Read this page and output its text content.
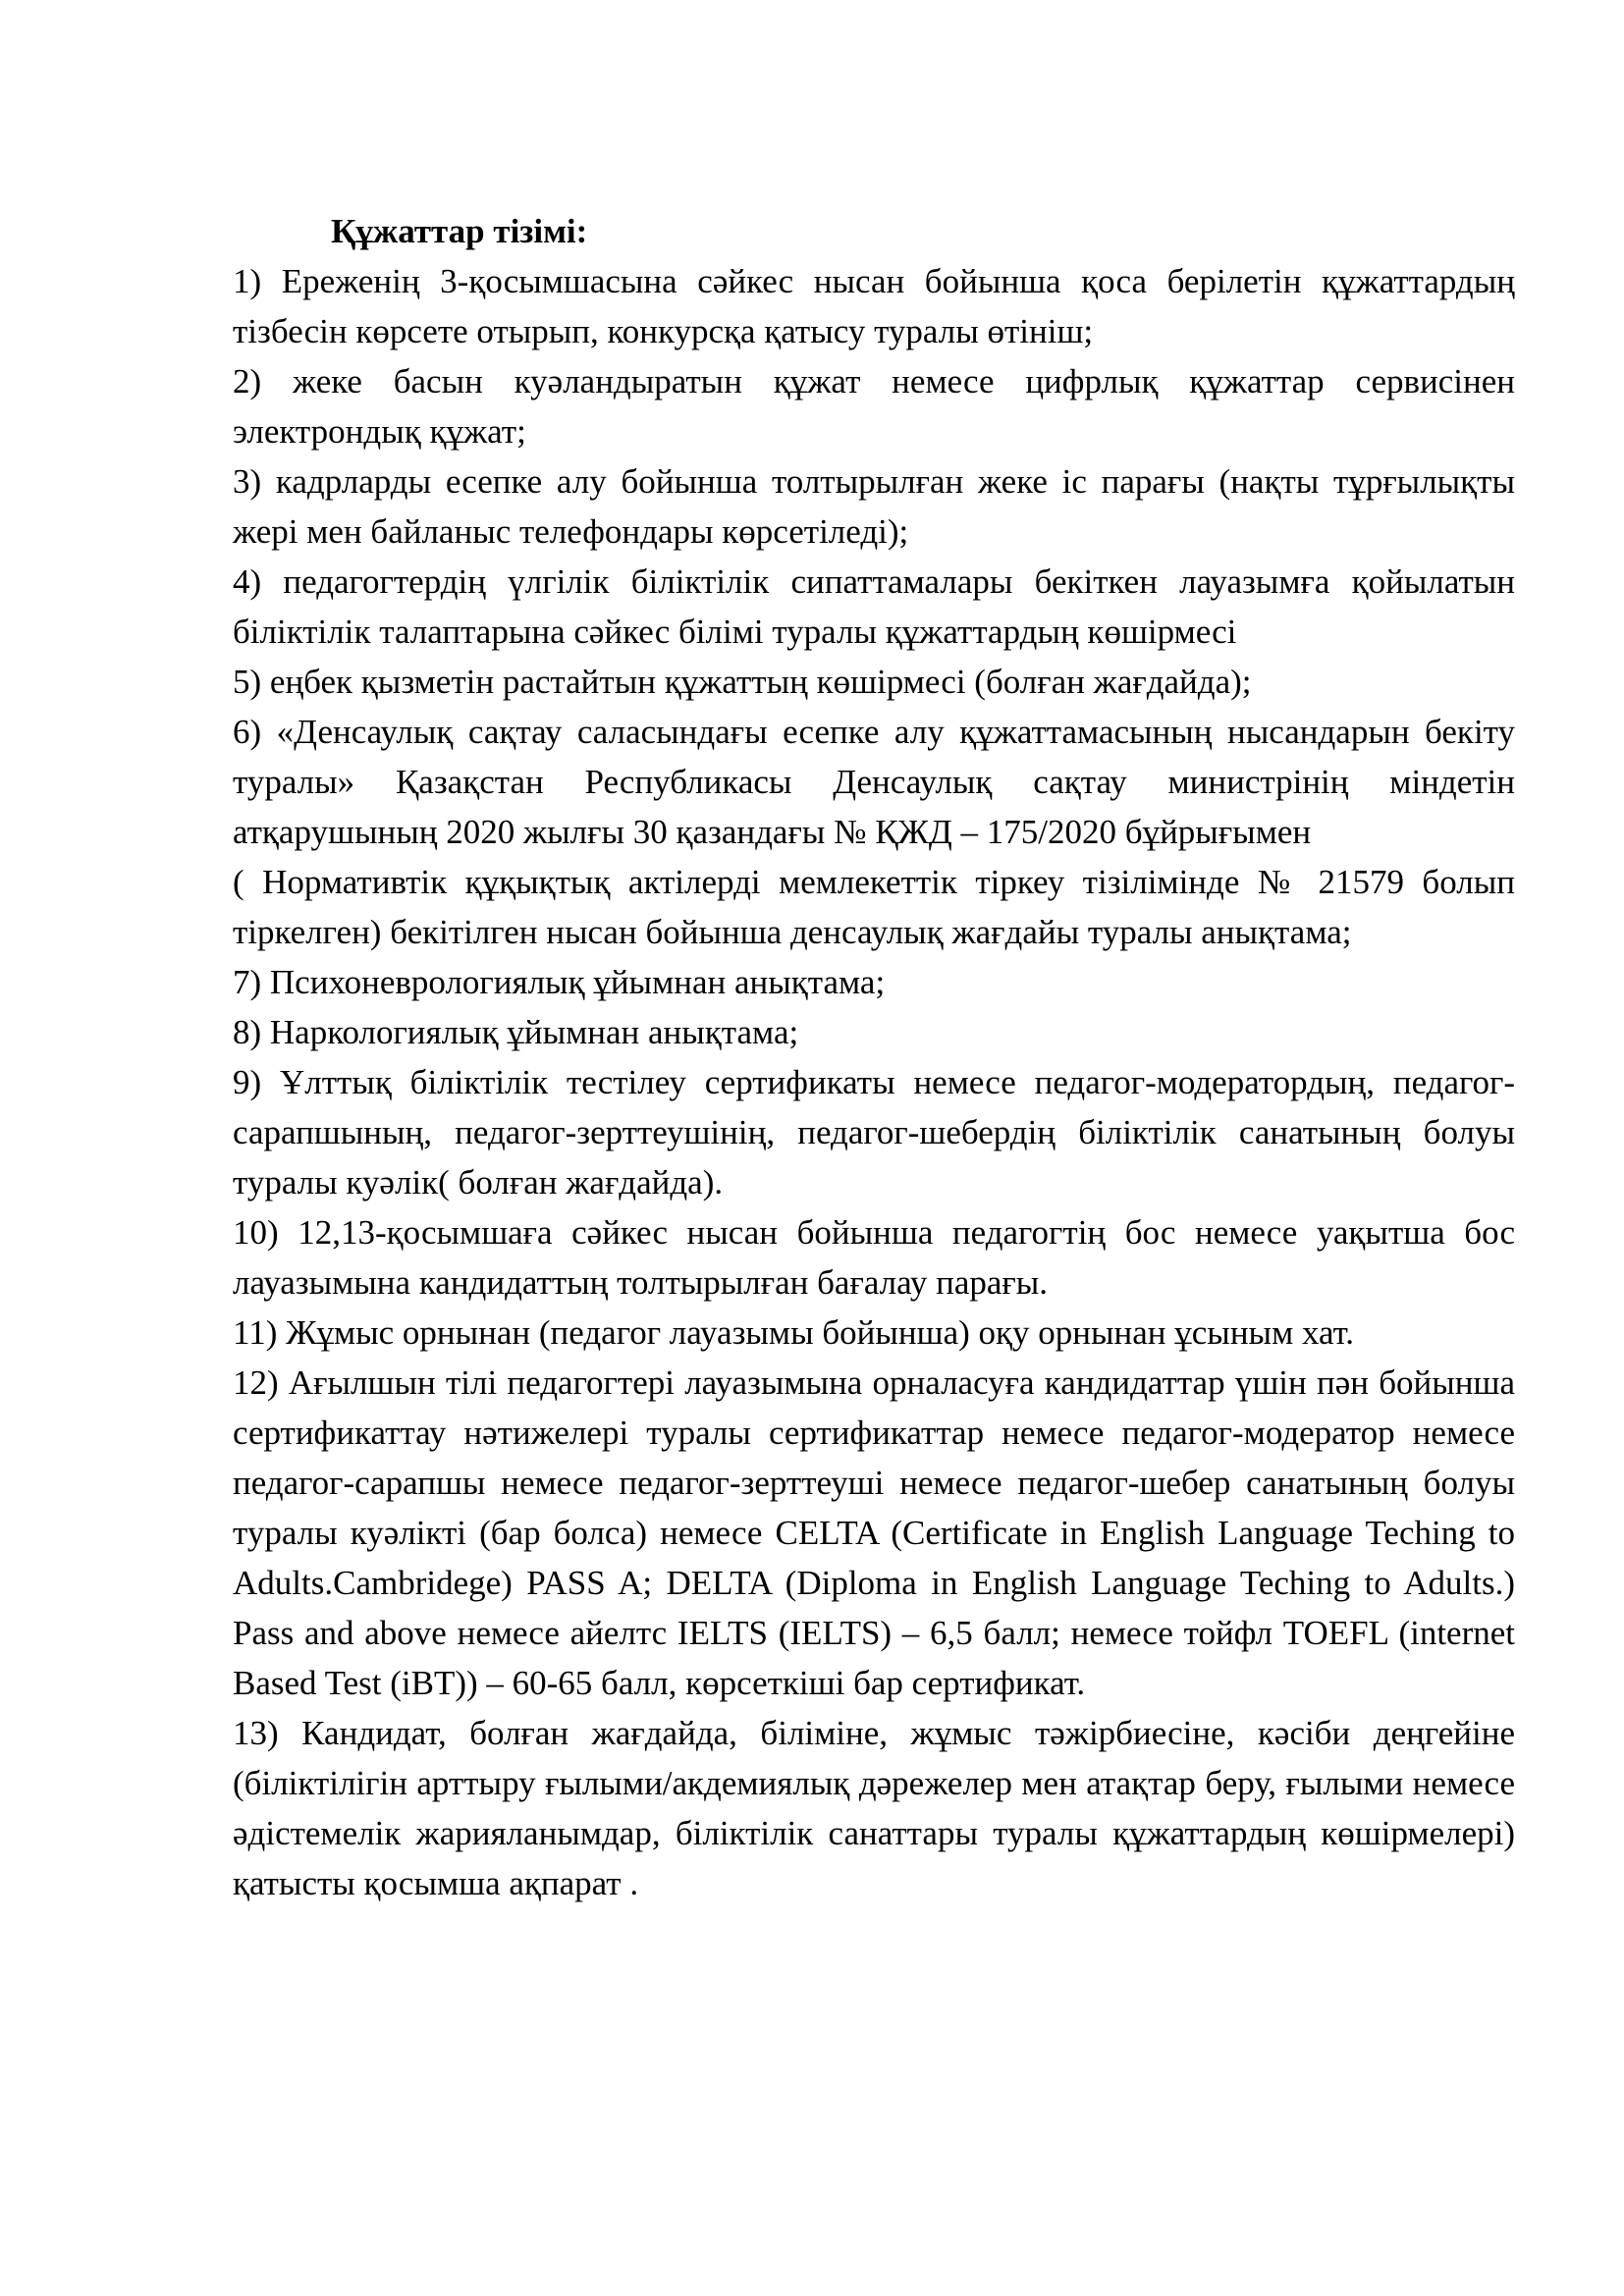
Құжаттар тізімі:

1) Ереженің 3-қосымшасына сәйкес нысан бойынша қоса берілетін құжаттардың тізбесін көрсете отырып, конкурсқа қатысу туралы өтініш;

2) жеке басын куәландыратын құжат немесе цифрлық құжаттар сервисінен электрондық құжат;

3) кадрларды есепке алу бойынша толтырылған жеке іс парағы (нақты тұрғылықты жері мен байланыс телефондары көрсетіледі);

4) педагогтердің үлгілік біліктілік сипаттамалары бекіткен лауазымға қойылатын біліктілік талаптарына сәйкес білімі туралы құжаттардың көшірмесі

5) еңбек қызметін растайтын құжаттың көшірмесі (болған жағдайда);

6) «Денсаулық сақтау саласындағы есепке алу құжаттамасының нысандарын бекіту туралы» Қазақстан Республикасы Денсаулық сақтау министрінің міндетін атқарушының 2020 жылғы 30 қазандағы № ҚЖД – 175/2020 бұйрығымен

( Нормативтік құқықтық актілерді мемлекеттік тіркеу тізілімінде № 21579 болып тіркелген) бекітілген нысан бойынша денсаулық жағдайы туралы анықтама;

7) Психоневрологиялық ұйымнан анықтама;

8) Наркологиялық ұйымнан анықтама;

9) Ұлттық біліктілік тестілеу сертификаты немесе педагог-модератордың, педагог-сарапшының, педагог-зерттеушінің, педагог-шебердің біліктілік санатының болуы туралы куәлік( болған жағдайда).

10) 12,13-қосымшаға сәйкес нысан бойынша педагогтің бос немесе уақытша бос лауазымына кандидаттың толтырылған бағалау парағы.

11) Жұмыс орнынан (педагог лауазымы бойынша) оқу орнынан ұсыным хат.

12) Ағылшын тілі педагогтері лауазымына орналасуға кандидаттар үшін пән бойынша сертификаттау нәтижелері туралы сертификаттар немесе педагог-модератор немесе педагог-сарапшы немесе педагог-зерттеуші немесе педагог-шебер санатының болуы туралы куәлікті (бар болса) немесе CELTA (Certificate in English Language Teching to Adults.Cambridege) PASS A; DELTA (Diploma in English Language Teching to Adults.) Pass and above немесе айелтс IELTS (IELTS) – 6,5 балл; немесе тойфл TOEFL (internet Based Test (iBT)) – 60-65 балл, көрсеткіші бар сертификат.

13) Кандидат, болған жағдайда, біліміне, жұмыс тәжірбиесіне, кәсіби деңгейіне (біліктілігін арттыру ғылыми/акдемиялық дәрежелер мен атақтар беру, ғылыми немесе әдістемелік жарияланымдар, біліктілік санаттары туралы құжаттардың көшірмелері) қатысты қосымша ақпарат .
